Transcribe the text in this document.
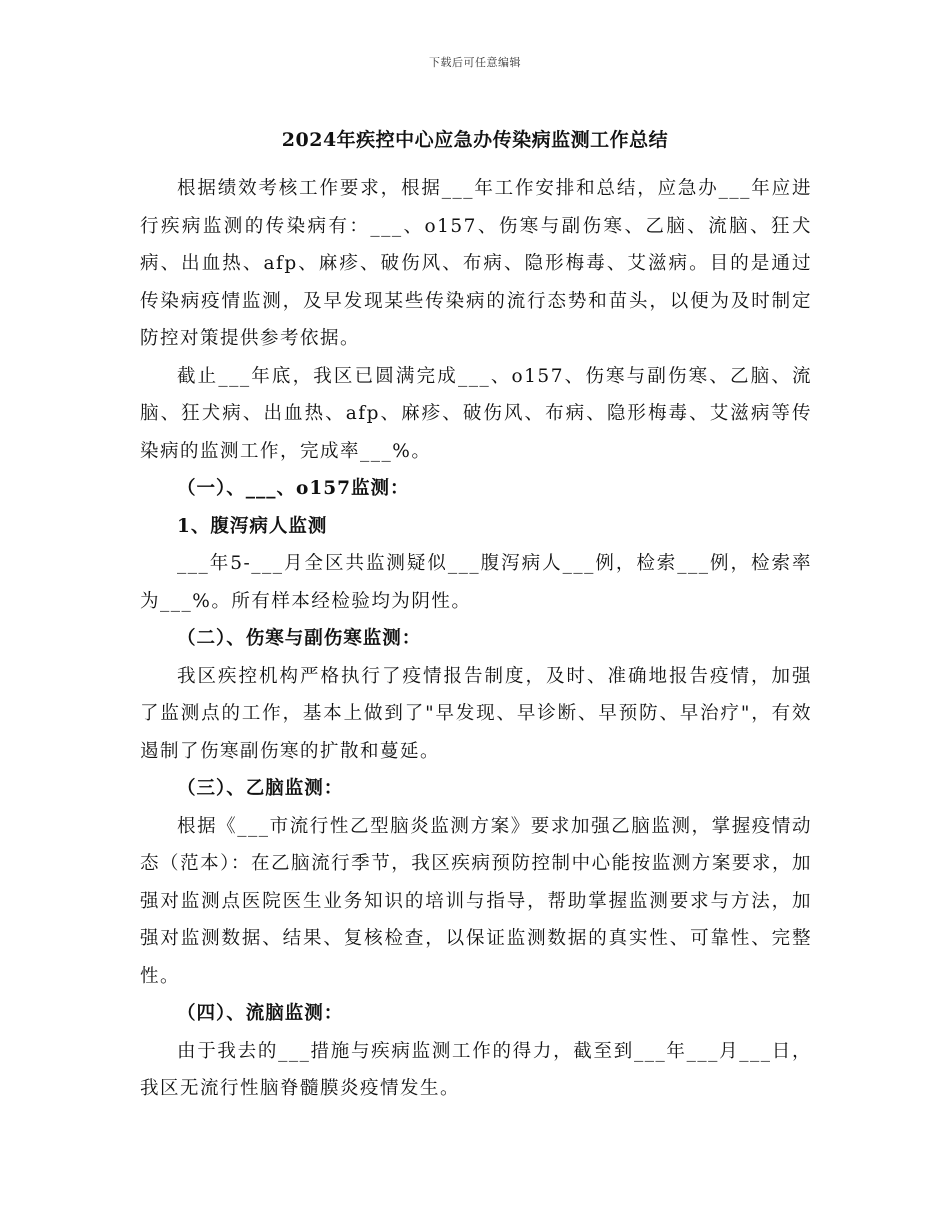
下载后可任意编辑
2024年疾控中心应急办传染病监测工作总结

根据绩效考核工作要求，根据___年工作安排和总结，应急办___年应进行疾病监测的传染病有：___、o157、伤寒与副伤寒、乙脑、流脑、狂犬病、出血热、afp、麻疹、破伤风、布病、隐形梅毒、艾滋病。目的是通过传染病疫情监测，及早发现某些传染病的流行态势和苗头，以便为及时制定防控对策提供参考依据。

截止___年底，我区已圆满完成___、o157、伤寒与副伤寒、乙脑、流脑、狂犬病、出血热、afp、麻疹、破伤风、布病、隐形梅毒、艾滋病等传染病的监测工作，完成率___%。

（一）、___、o157监测：

1、腹泻病人监测

___年5-___月全区共监测疑似___腹泻病人___例，检索___例，检索率为___%。所有样本经检验均为阴性。

（二）、伤寒与副伤寒监测：

我区疾控机构严格执行了疫情报告制度，及时、准确地报告疫情，加强了监测点的工作，基本上做到了"早发现、早诊断、早预防、早治疗"，有效遏制了伤寒副伤寒的扩散和蔓延。

（三）、乙脑监测：

根据《___市流行性乙型脑炎监测方案》要求加强乙脑监测，掌握疫情动态（范本）：在乙脑流行季节，我区疾病预防控制中心能按监测方案要求，加强对监测点医院医生业务知识的培训与指导，帮助掌握监测要求与方法，加强对监测数据、结果、复核检查，以保证监测数据的真实性、可靠性、完整性。

（四）、流脑监测：

由于我去的___措施与疾病监测工作的得力，截至到___年___月___日，我区无流行性脑脊髓膜炎疫情发生。
